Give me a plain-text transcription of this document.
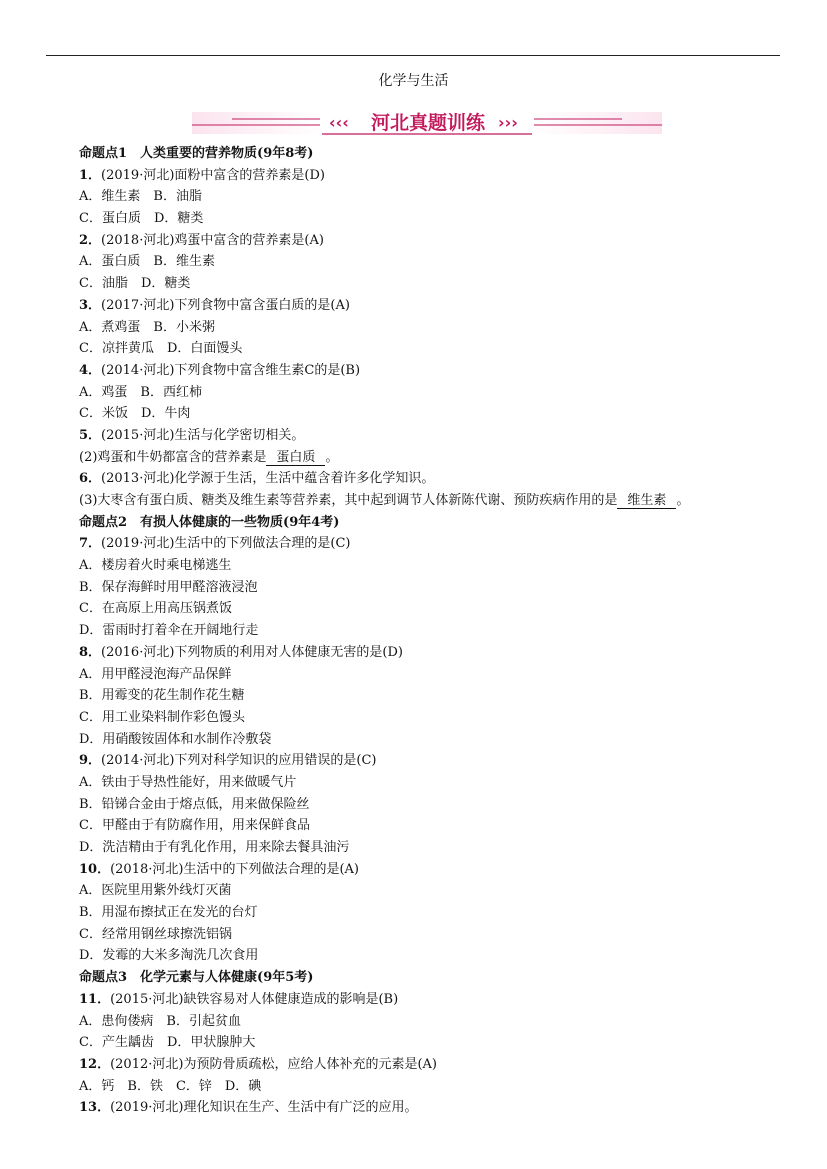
化学与生活
‹‹‹ 河北真题训练 ›››
命题点1　人类重要的营养物质(9年8考)
1．(2019·河北)面粉中富含的营养素是(D)
A．维生素　B．油脂
C．蛋白质　D．糖类
2．(2018·河北)鸡蛋中富含的营养素是(A)
A．蛋白质　B．维生素
C．油脂　D．糖类
3．(2017·河北)下列食物中富含蛋白质的是(A)
A．煮鸡蛋　B．小米粥
C．凉拌黄瓜　D．白面馒头
4．(2014·河北)下列食物中富含维生素C的是(B)
A．鸡蛋　B．西红柿
C．米饭　D．牛肉
5．(2015·河北)生活与化学密切相关。
(2)鸡蛋和牛奶都富含的营养素是 蛋白质 。
6．(2013·河北)化学源于生活，生活中蕴含着许多化学知识。
(3)大枣含有蛋白质、糖类及维生素等营养素，其中起到调节人体新陈代谢、预防疾病作用的是 维生素 。
命题点2　有损人体健康的一些物质(9年4考)
7．(2019·河北)生活中的下列做法合理的是(C)
A．楼房着火时乘电梯逃生
B．保存海鲜时用甲醛溶液浸泡
C．在高原上用高压锅煮饭
D．雷雨时打着伞在开阔地行走
8．(2016·河北)下列物质的利用对人体健康无害的是(D)
A．用甲醛浸泡海产品保鲜
B．用霉变的花生制作花生糖
C．用工业染料制作彩色馒头
D．用硝酸铵固体和水制作冷敷袋
9．(2014·河北)下列对科学知识的应用错误的是(C)
A．铁由于导热性能好，用来做暖气片
B．铅锑合金由于熔点低，用来做保险丝
C．甲醛由于有防腐作用，用来保鲜食品
D．洗洁精由于有乳化作用，用来除去餐具油污
10．(2018·河北)生活中的下列做法合理的是(A)
A．医院里用紫外线灯灭菌
B．用湿布擦拭正在发光的台灯
C．经常用钢丝球擦洗铝锅
D．发霉的大米多淘洗几次食用
命题点3　化学元素与人体健康(9年5考)
11．(2015·河北)缺铁容易对人体健康造成的影响是(B)
A．患佝偻病　B．引起贫血
C．产生龋齿　D．甲状腺肿大
12．(2012·河北)为预防骨质疏松，应给人体补充的元素是(A)
A．钙　B．铁　C．锌　D．碘
13．(2019·河北)理化知识在生产、生活中有广泛的应用。
